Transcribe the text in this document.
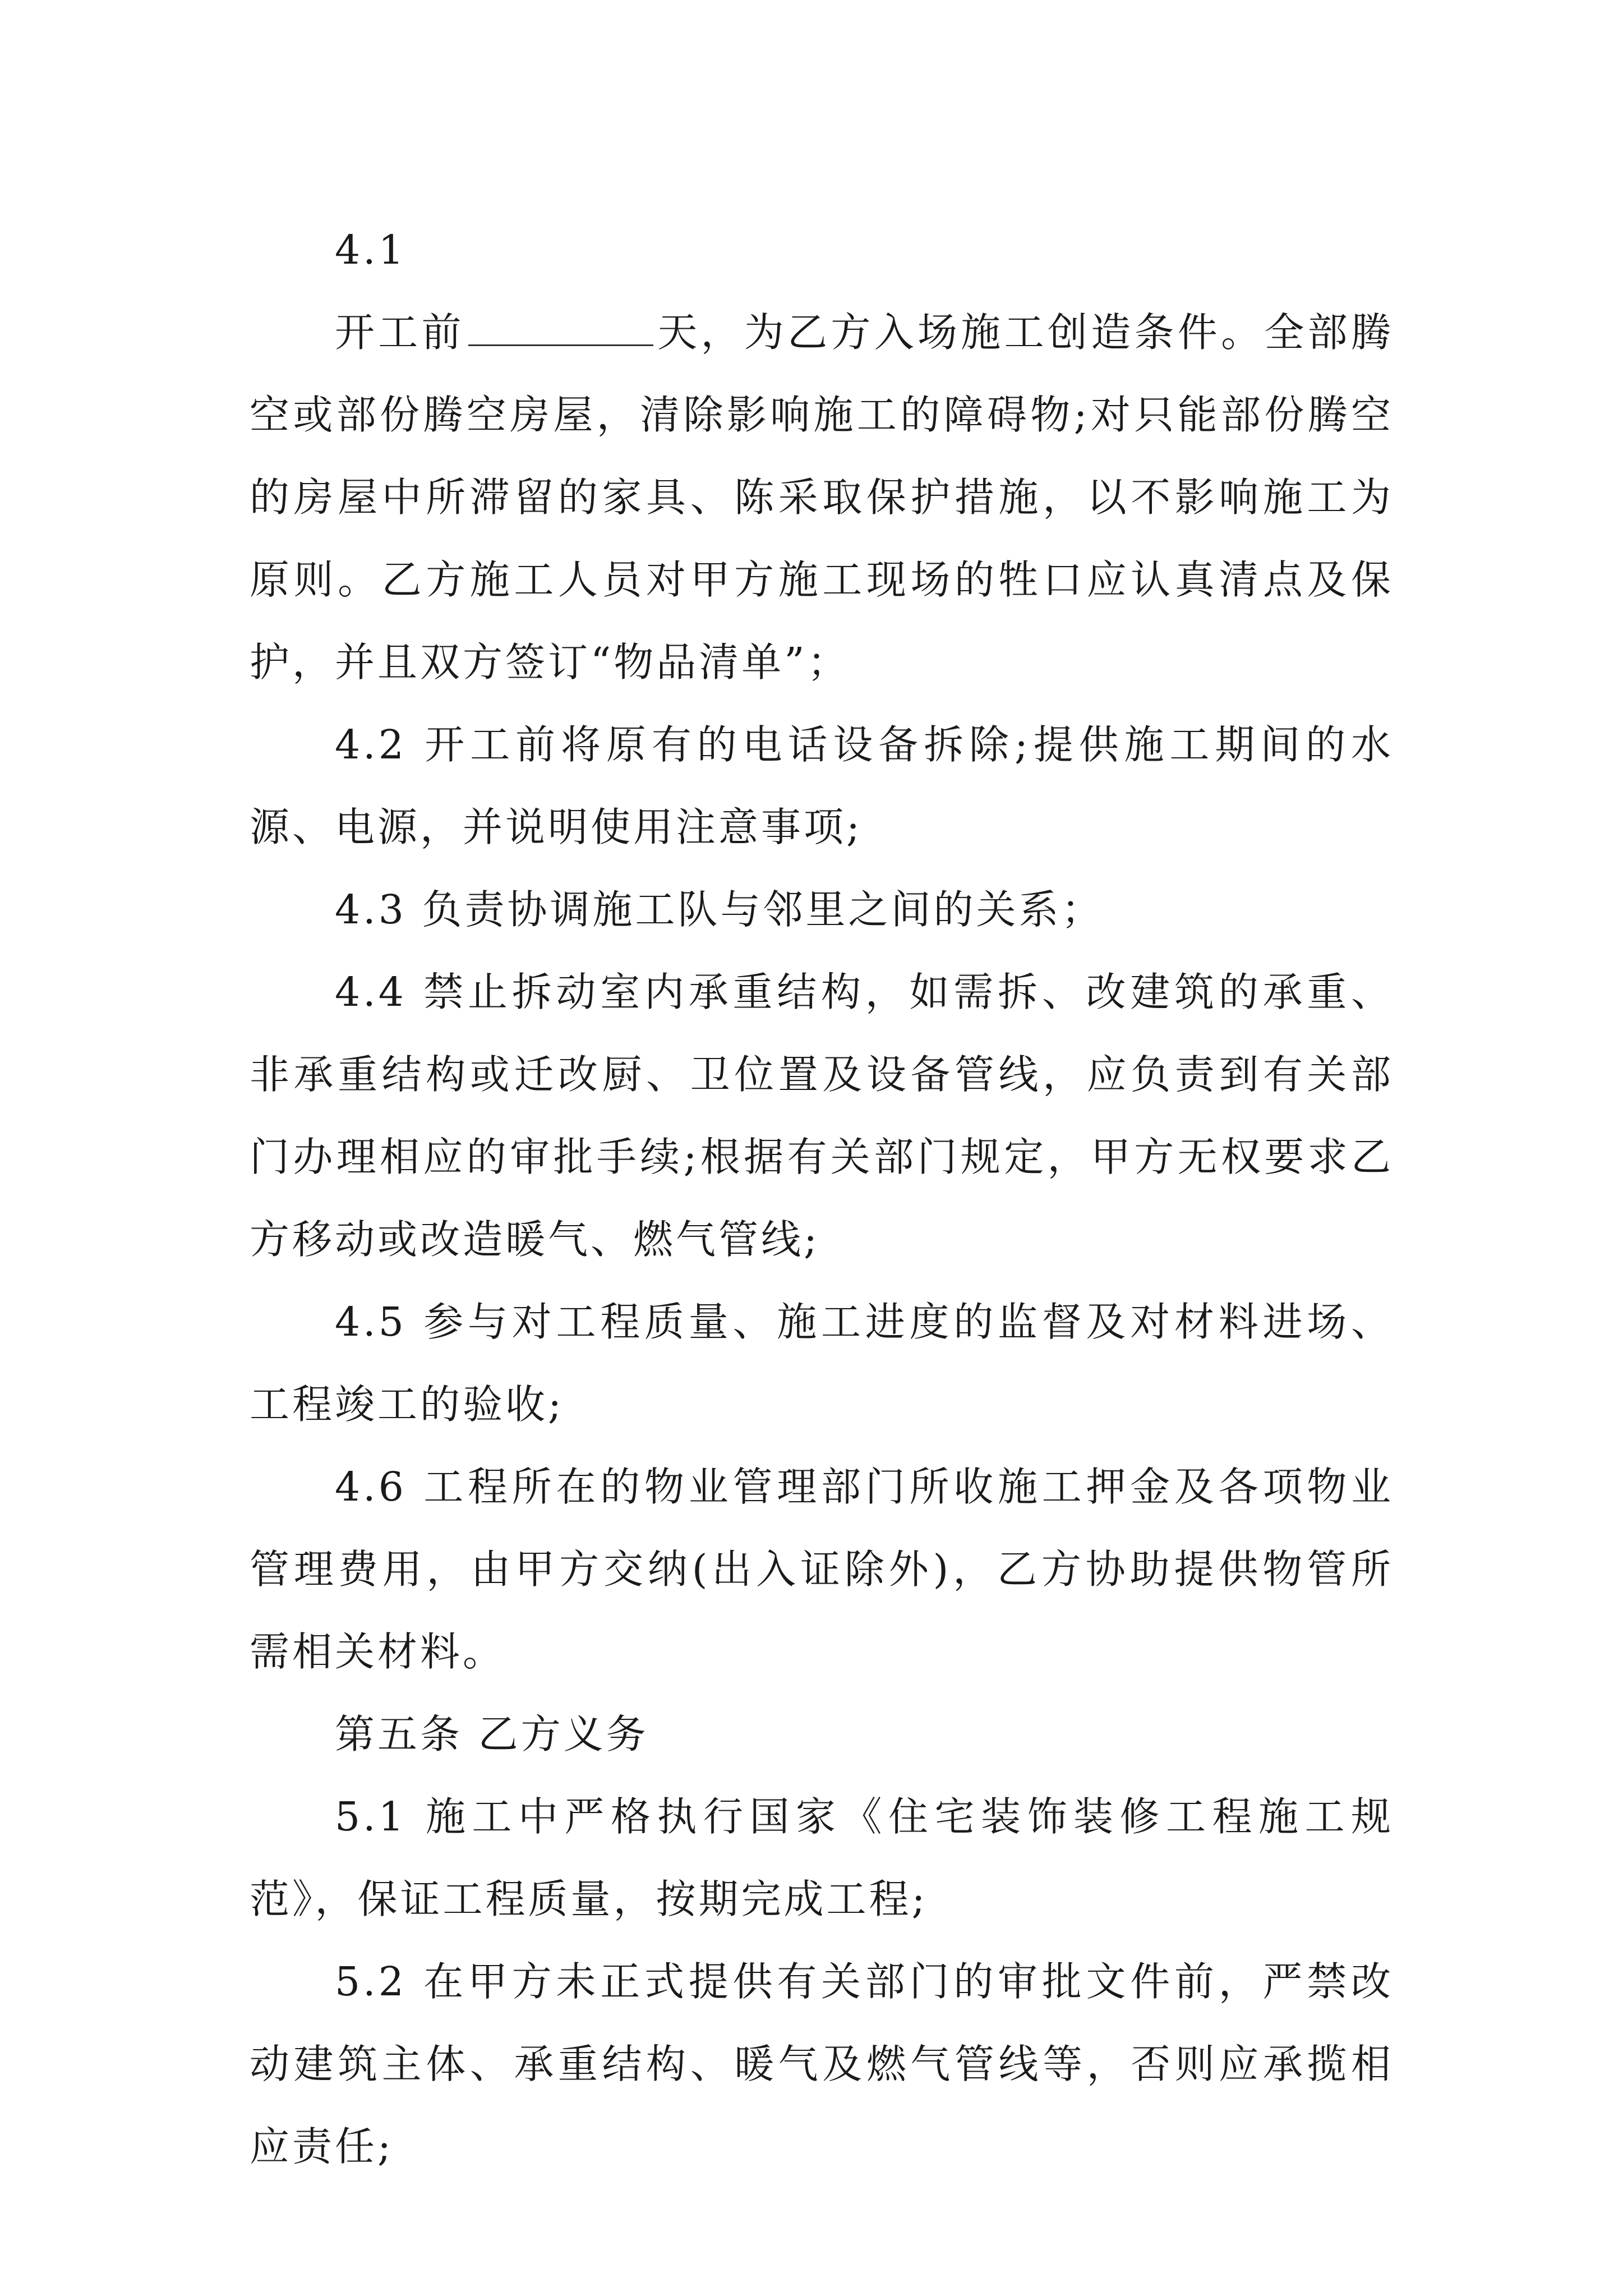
4.1

开工前	天，为乙方入场施工创造条件。全部腾空或部份腾空房屋，清除影响施工的障碍物;对只能部份腾空的房屋中所滞留的家具、陈采取保护措施，以不影响施工为原则。乙方施工人员对甲方施工现场的牲口应认真清点及保护，并且双方签订“物品清单”；

4.2 开工前将原有的电话设备拆除;提供施工期间的水源、电源，并说明使用注意事项;

4.3 负责协调施工队与邻里之间的关系；

4.4 禁止拆动室内承重结构，如需拆、改建筑的承重、非承重结构或迁改厨、卫位置及设备管线，应负责到有关部门办理相应的审批手续;根据有关部门规定，甲方无权要求乙方移动或改造暖气、燃气管线;

4.5 参与对工程质量、施工进度的监督及对材料进场、工程竣工的验收;

4.6 工程所在的物业管理部门所收施工押金及各项物业管理费用，由甲方交纳(出入证除外)，乙方协助提供物管所需相关材料。

第五条 乙方义务

5.1 施工中严格执行国家《住宅装饰装修工程施工规范》，保证工程质量，按期完成工程;

5.2 在甲方未正式提供有关部门的审批文件前，严禁改动建筑主体、承重结构、暖气及燃气管线等，否则应承揽相应责任;
